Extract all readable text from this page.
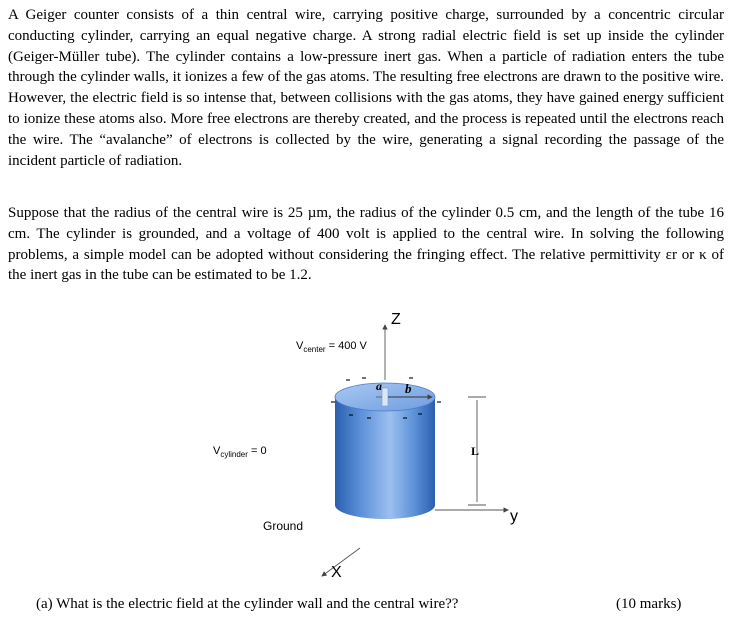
A Geiger counter consists of a thin central wire, carrying positive charge, surrounded by a concentric circular conducting cylinder, carrying an equal negative charge. A strong radial electric field is set up inside the cylinder (Geiger-Müller tube). The cylinder contains a low-pressure inert gas. When a particle of radiation enters the tube through the cylinder walls, it ionizes a few of the gas atoms. The resulting free electrons are drawn to the positive wire. However, the electric field is so intense that, between collisions with the gas atoms, they have gained energy sufficient to ionize these atoms also. More free electrons are thereby created, and the process is repeated until the electrons reach the wire. The “avalanche” of electrons is collected by the wire, generating a signal recording the passage of the incident particle of radiation.

Suppose that the radius of the central wire is 25 µm, the radius of the cylinder 0.5 cm, and the length of the tube 16 cm. The cylinder is grounded, and a voltage of 400 volt is applied to the central wire. In solving the following problems, a simple model can be adopted without considering the fringing effect. The relative permittivity εr or κ of the inert gas in the tube can be estimated to be 1.2.

Z
y
X
$V_{center} = 400$ V
$V_{cylinder} = 0$
Ground
a b
L
(a) What is the electric field at the cylinder wall and the central wire??	(10 marks)
